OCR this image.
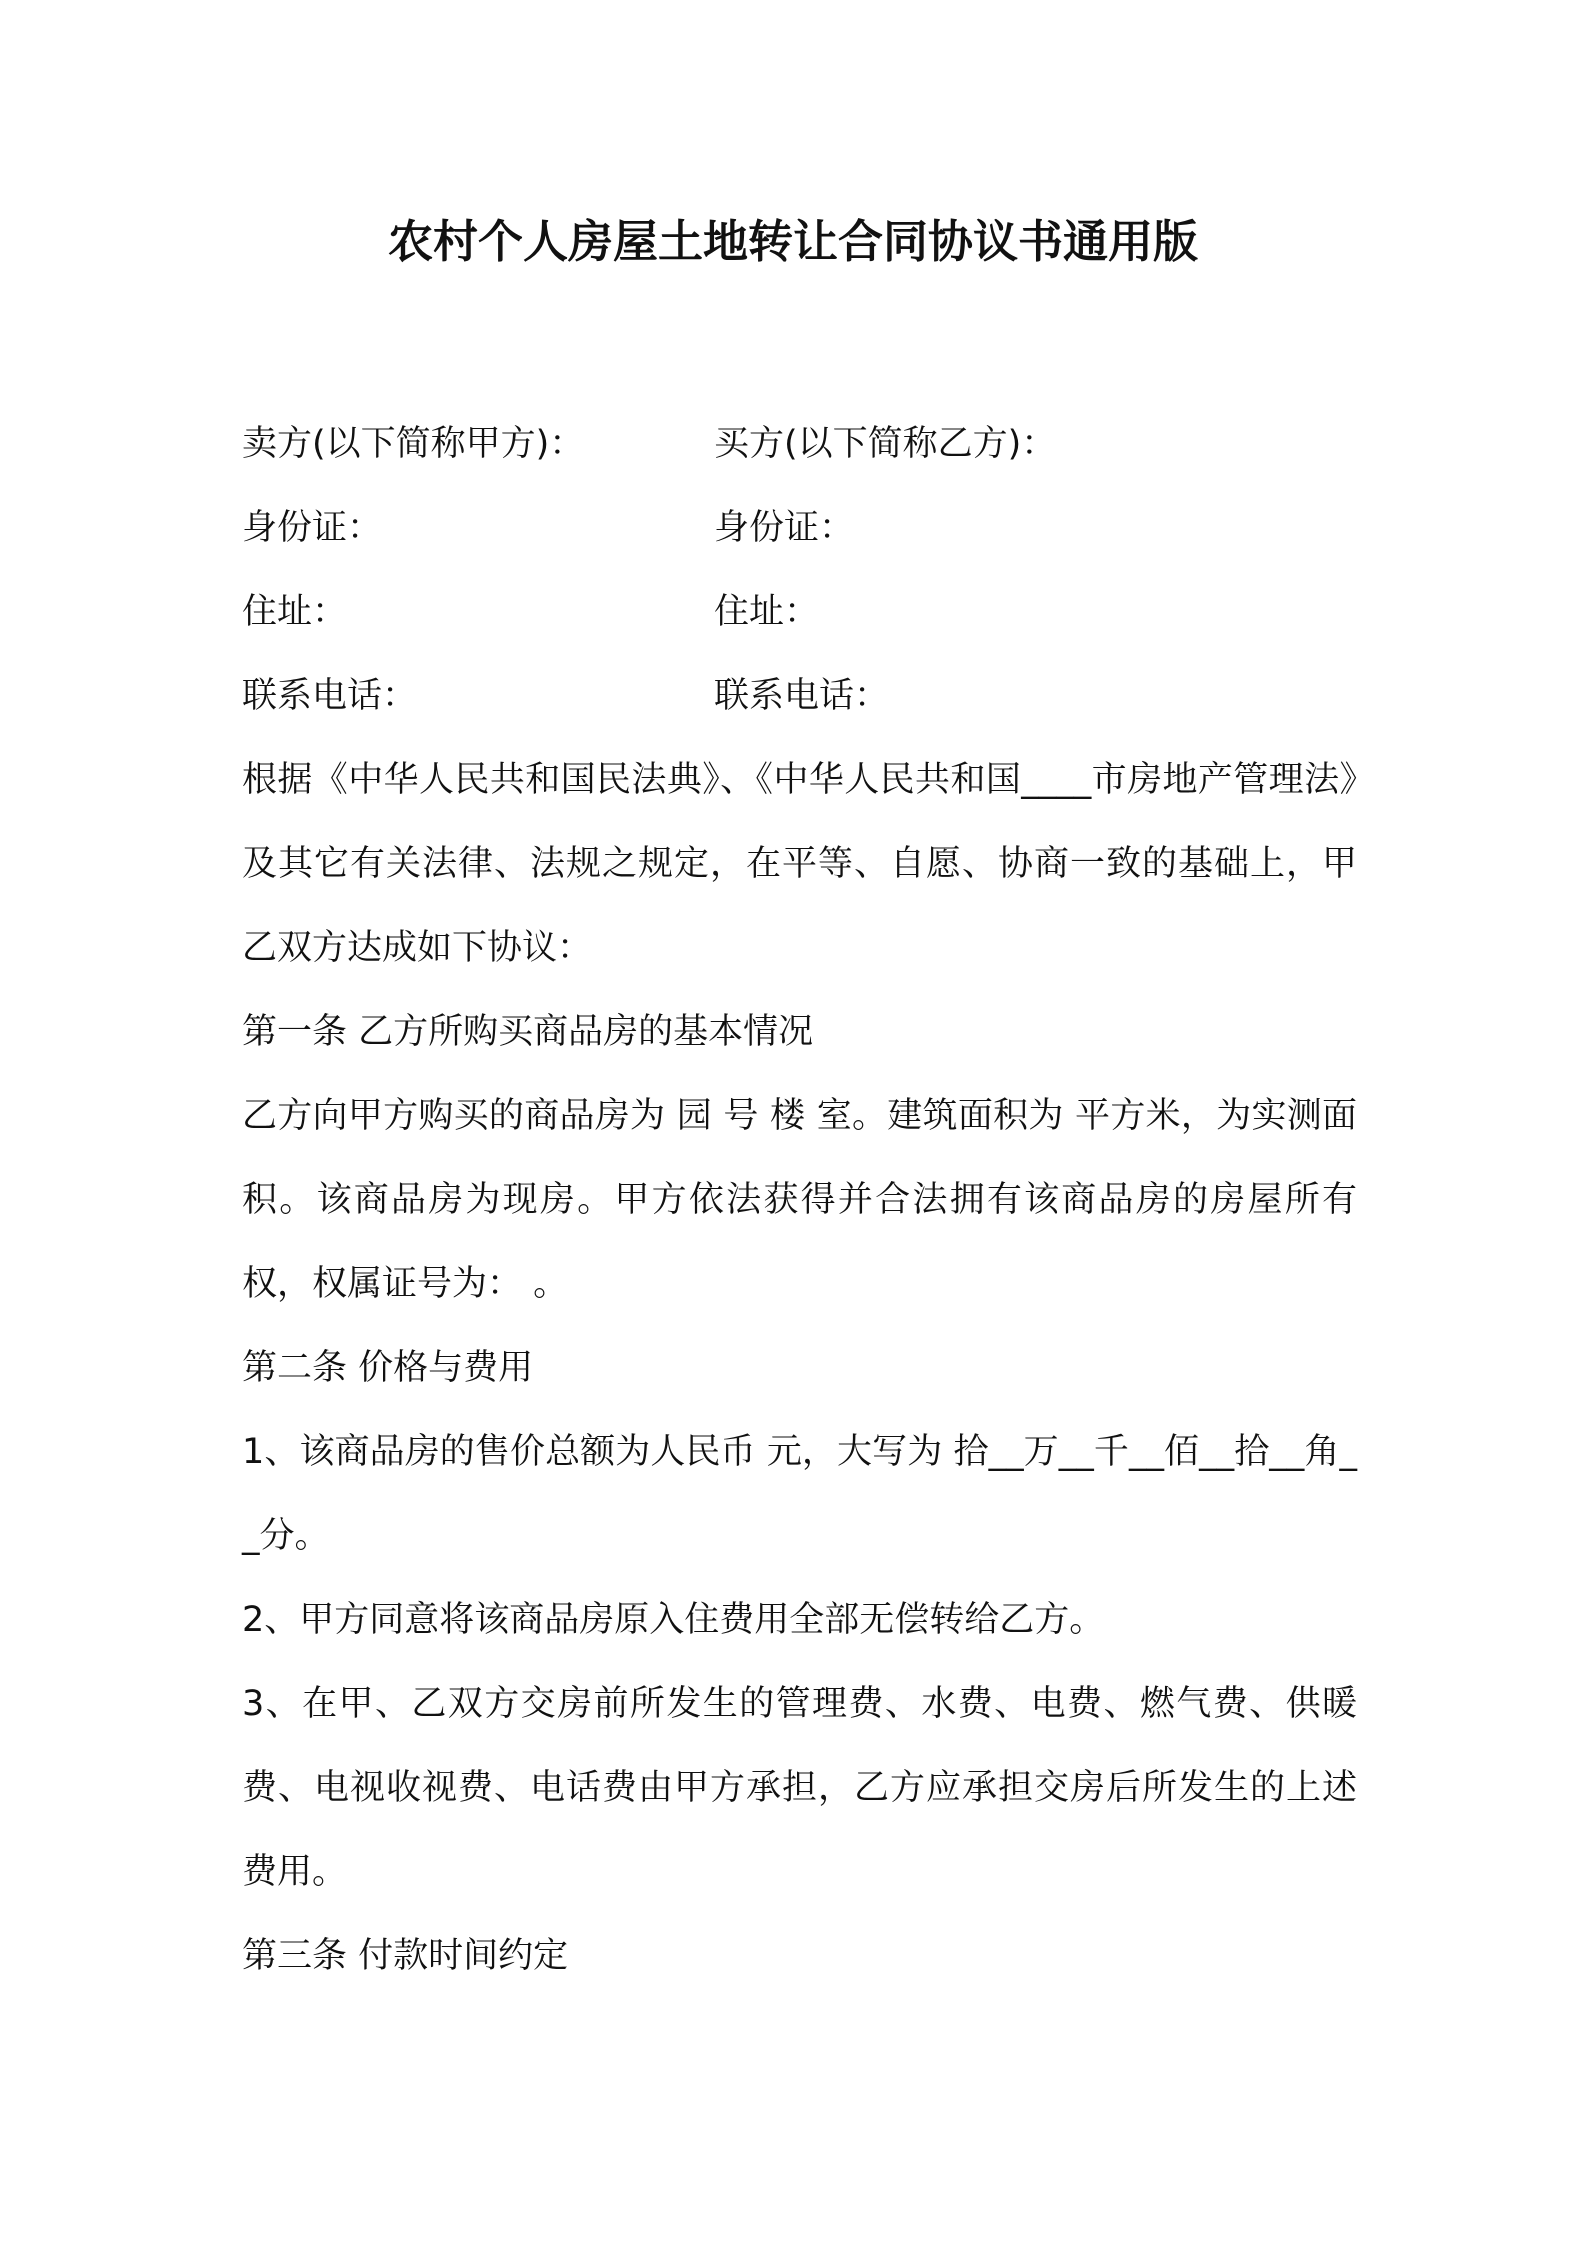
农村个人房屋土地转让合同协议书通用版
卖方(以下简称甲方)：	买方(以下简称乙方)：
身份证：	身份证：
住址：	住址：
联系电话：	联系电话：

根据《中华人民共和国民法典》、《中华人民共和国____市房地产管理法》及其它有关法律、法规之规定，在平等、自愿、协商一致的基础上，甲乙双方达成如下协议：

第一条 乙方所购买商品房的基本情况

乙方向甲方购买的商品房为 园 号 楼 室。建筑面积为 平方米，为实测面积。该商品房为现房。甲方依法获得并合法拥有该商品房的房屋所有权，权属证号为： 。

第二条 价格与费用

1、该商品房的售价总额为人民币 元，大写为 拾__万__千__佰__拾__角__分。

2、甲方同意将该商品房原入住费用全部无偿转给乙方。

3、在甲、乙双方交房前所发生的管理费、水费、电费、燃气费、供暖费、电视收视费、电话费由甲方承担，乙方应承担交房后所发生的上述费用。

第三条 付款时间约定
